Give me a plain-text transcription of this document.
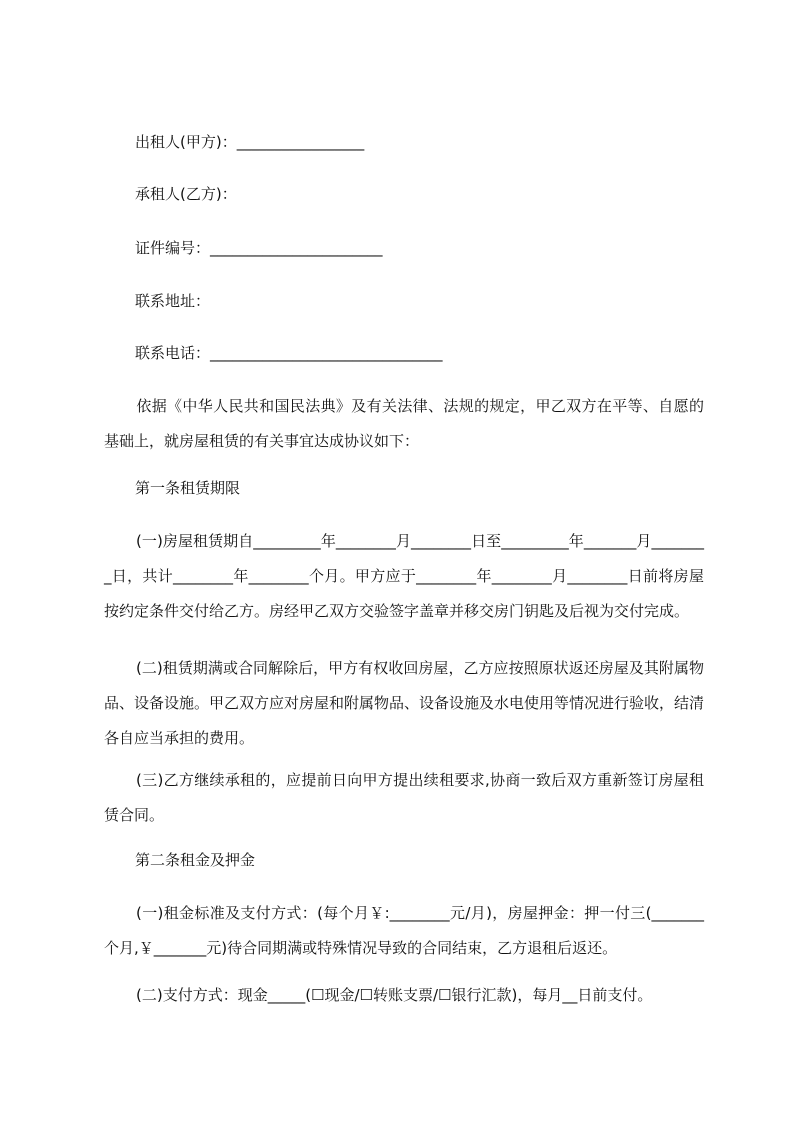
出租人(甲方)：_________________
承租人(乙方)：
证件编号：_______________________
联系地址：
联系电话：_______________________________
依据《中华人民共和国民法典》及有关法律、法规的规定，甲乙双方在平等、自愿的基础上，就房屋租赁的有关事宜达成协议如下：
第一条租赁期限
(一)房屋租赁期自_________年________月________日至_________年_______月________日，共计________年________个月。甲方应于________年________月________日前将房屋按约定条件交付给乙方。房经甲乙双方交验签字盖章并移交房门钥匙及后视为交付完成。
(二)租赁期满或合同解除后，甲方有权收回房屋，乙方应按照原状返还房屋及其附属物品、设备设施。甲乙双方应对房屋和附属物品、设备设施及水电使用等情况进行验收，结清各自应当承担的费用。
(三)乙方继续承租的，应提前日向甲方提出续租要求,协商一致后双方重新签订房屋租赁合同。
第二条租金及押金
(一)租金标准及支付方式：(每个月￥:________元/月)，房屋押金：押一付三(_______个月,￥_______元)待合同期满或特殊情况导致的合同结束，乙方退租后返还。
(二)支付方式：现金_____(☐现金/☐转账支票/☐银行汇款)，每月__日前支付。
